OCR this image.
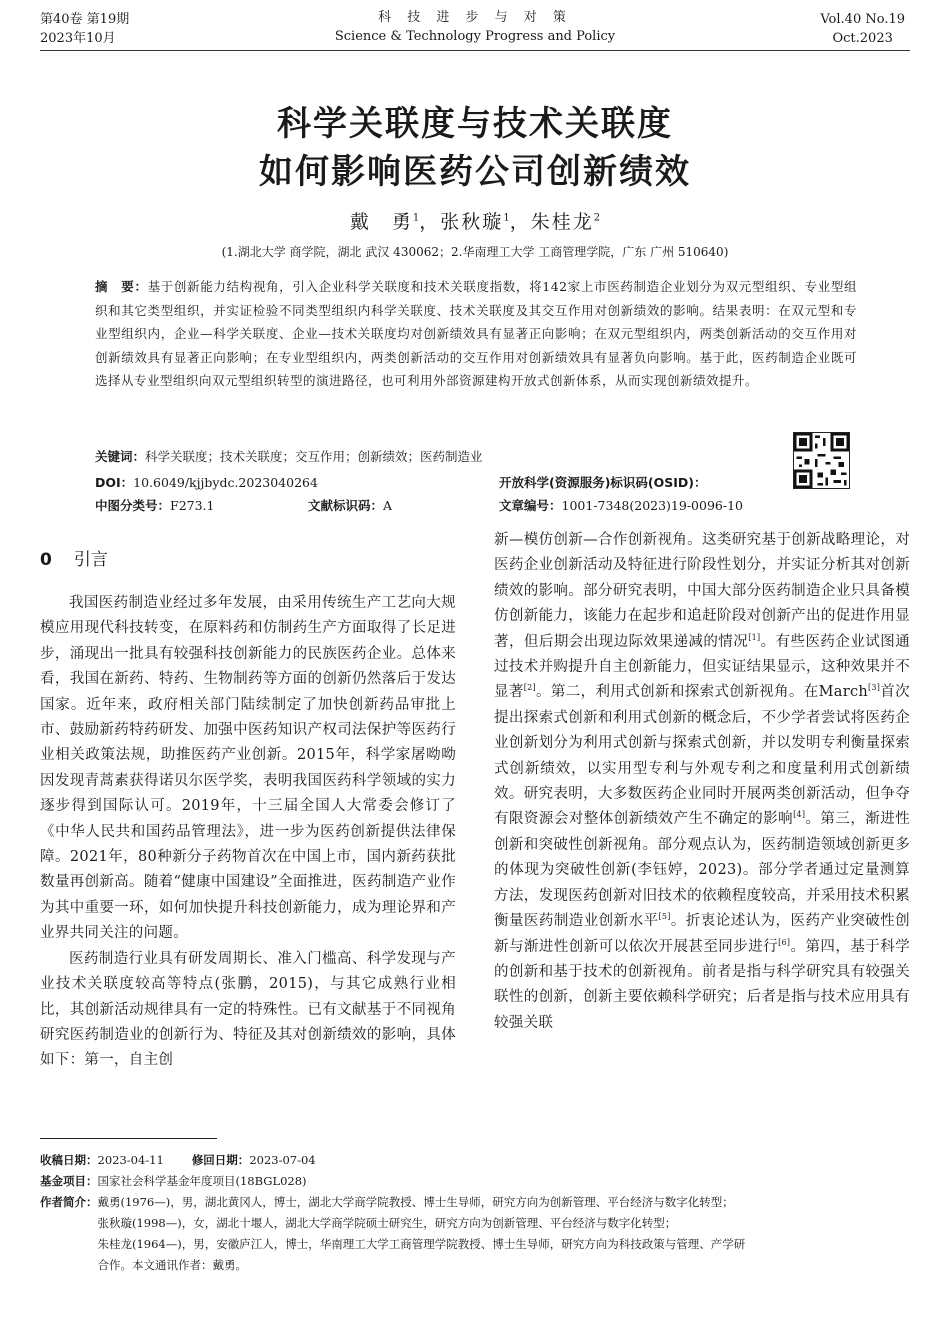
第40卷 第19期
2023年10月
科 技 进 步 与 对 策
Science & Technology Progress and Policy
Vol.40 No.19
Oct.2023
科学关联度与技术关联度
如何影响医药公司创新绩效
戴　勇$^1$，张秋璇$^1$，朱桂龙$^2$
(1.湖北大学 商学院，湖北 武汉 430062；2.华南理工大学 工商管理学院，广东 广州 510640)
摘　要：基于创新能力结构视角，引入企业科学关联度和技术关联度指数，将142家上市医药制造企业划分为双元型组织、专业型组织和其它类型组织，并实证检验不同类型组织内科学关联度、技术关联度及其交互作用对创新绩效的影响。结果表明：在双元型和专业型组织内，企业—科学关联度、企业—技术关联度均对创新绩效具有显著正向影响；在双元型组织内，两类创新活动的交互作用对创新绩效具有显著正向影响；在专业型组织内，两类创新活动的交互作用对创新绩效具有显著负向影响。基于此，医药制造企业既可选择从专业型组织向双元型组织转型的演进路径，也可利用外部资源建构开放式创新体系，从而实现创新绩效提升。
关键词：科学关联度；技术关联度；交互作用；创新绩效；医药制造业
DOI：10.6049/kjjbydc.2023040264	开放科学(资源服务)标识码(OSID)：
中图分类号：F273.1	文献标识码：A	文章编号：1001-7348(2023)19-0096-10
0 引言

我国医药制造业经过多年发展，由采用传统生产工艺向大规模应用现代科技转变，在原料药和仿制药生产方面取得了长足进步，涌现出一批具有较强科技创新能力的民族医药企业。总体来看，我国在新药、特药、生物制药等方面的创新仍然落后于发达国家。近年来，政府相关部门陆续制定了加快创新药品审批上市、鼓励新药特药研发、加强中医药知识产权司法保护等医药行业相关政策法规，助推医药产业创新。2015年，科学家屠呦呦因发现青蒿素获得诺贝尔医学奖，表明我国医药科学领域的实力逐步得到国际认可。2019年，十三届全国人大常委会修订了《中华人民共和国药品管理法》，进一步为医药创新提供法律保障。2021年，80种新分子药物首次在中国上市，国内新药获批数量再创新高。随着“健康中国建设”全面推进，医药制造产业作为其中重要一环，如何加快提升科技创新能力，成为理论界和产业界共同关注的问题。

医药制造行业具有研发周期长、准入门槛高、科学发现与产业技术关联度较高等特点(张鹏，2015)，与其它成熟行业相比，其创新活动规律具有一定的特殊性。已有文献基于不同视角研究医药制造业的创新行为、特征及其对创新绩效的影响，具体如下：第一，自主创

新—模仿创新—合作创新视角。这类研究基于创新战略理论，对医药企业创新活动及特征进行阶段性划分，并实证分析其对创新绩效的影响。部分研究表明，中国大部分医药制造企业只具备模仿创新能力，该能力在起步和追赶阶段对创新产出的促进作用显著，但后期会出现边际效果递减的情况[1]。有些医药企业试图通过技术并购提升自主创新能力，但实证结果显示，这种效果并不显著[2]。第二，利用式创新和探索式创新视角。在March[3]首次提出探索式创新和利用式创新的概念后，不少学者尝试将医药企业创新划分为利用式创新与探索式创新，并以发明专利衡量探索式创新绩效，以实用型专利与外观专利之和度量利用式创新绩效。研究表明，大多数医药企业同时开展两类创新活动，但争夺有限资源会对整体创新绩效产生不确定的影响[4]。第三，渐进性创新和突破性创新视角。部分观点认为，医药制造领域创新更多的体现为突破性创新(李钰婷，2023)。部分学者通过定量测算方法，发现医药创新对旧技术的依赖程度较高，并采用技术积累衡量医药制造业创新水平[5]。折衷论述认为，医药产业突破性创新与渐进性创新可以依次开展甚至同步进行[6]。第四，基于科学的创新和基于技术的创新视角。前者是指与科学研究具有较强关联性的创新，创新主要依赖科学研究；后者是指与技术应用具有较强关联

收稿日期： 2023-04-11 修回日期： 2023-07-04
基金项目： 国家社会科学基金年度项目(18BGL028)
作者简介： 戴勇(1976—)，男，湖北黄冈人，博士，湖北大学商学院教授、博士生导师，研究方向为创新管理、平台经济与数字化转型；
张秋璇(1998—)，女，湖北十堰人，湖北大学商学院硕士研究生，研究方向为创新管理、平台经济与数字化转型；
朱桂龙(1964—)，男，安徽庐江人，博士，华南理工大学工商管理学院教授、博士生导师，研究方向为科技政策与管理、产学研
合作。本文通讯作者：戴勇。
